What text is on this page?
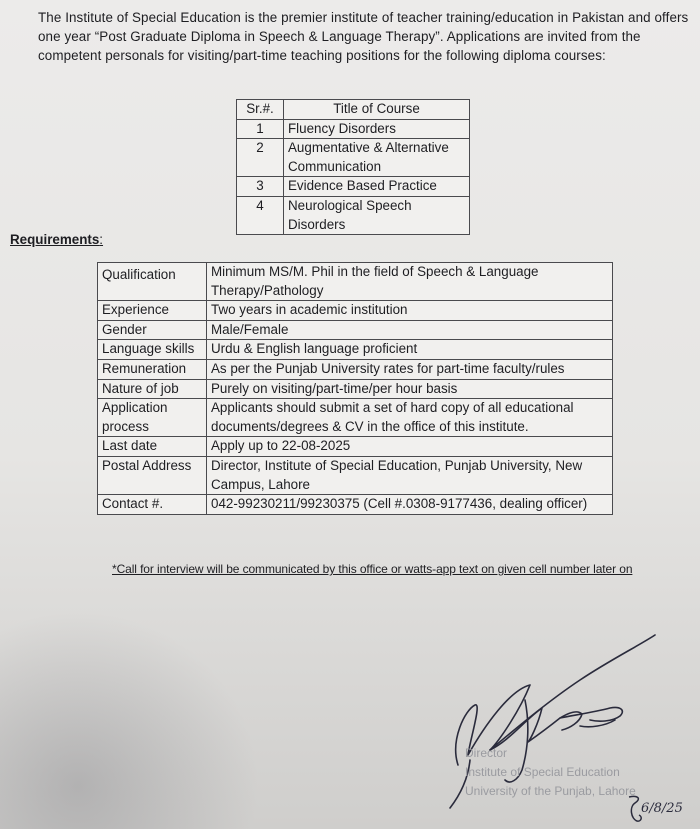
The Institute of Special Education is the premier institute of teacher training/education in Pakistan and offers one year “Post Graduate Diploma in Speech & Language Therapy”. Applications are invited from the competent personals for visiting/part-time teaching positions for the following diploma courses:
Sr.#.	Title of Course
1	Fluency Disorders
2	Augmentative & Alternative Communication
3	Evidence Based Practice
4	Neurological Speech Disorders
Requirements:
Qualification	Minimum MS/M. Phil in the field of Speech & Language Therapy/Pathology
Experience	Two years in academic institution
Gender	Male/Female
Language skills	Urdu & English language proficient
Remuneration	As per the Punjab University rates for part-time faculty/rules
Nature of job	Purely on visiting/part-time/per hour basis
Application process	Applicants should submit a set of hard copy of all educational documents/degrees & CV in the office of this institute.
Last date	Apply up to 22-08-2025
Postal Address	Director, Institute of Special Education, Punjab University, New Campus, Lahore
Contact #.	042-99230211/99230375 (Cell #.0308-9177436, dealing officer)
*Call for interview will be communicated by this office or watts-app text on given cell number later on
Director
Institute of Special Education
University of the Punjab, Lahore
6/8/25
